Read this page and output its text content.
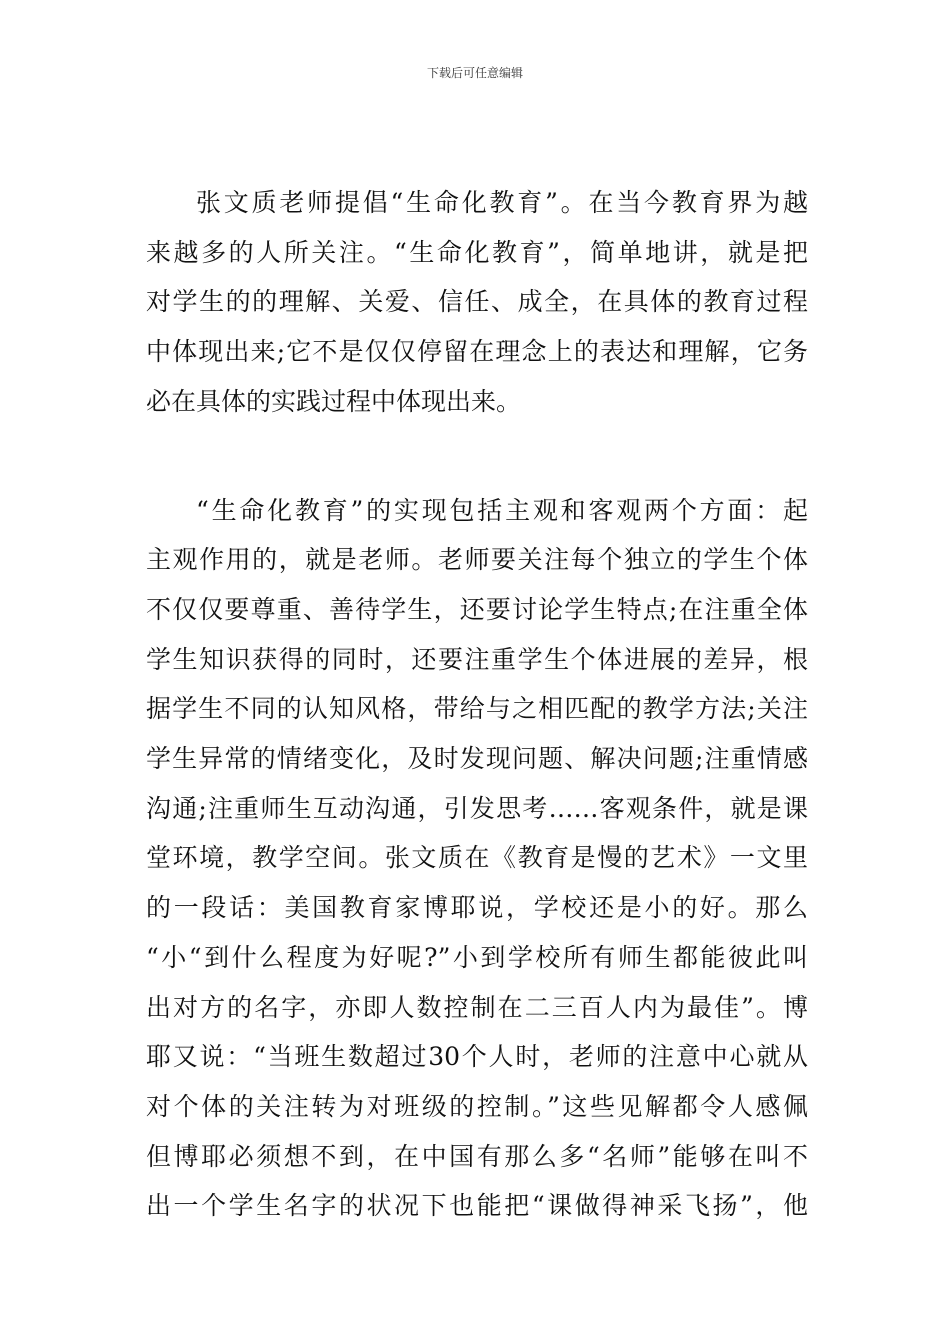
下载后可任意编辑

张文质老师提倡“生命化教育”。在当今教育界为越
来越多的人所关注。“生命化教育”，简单地讲，就是把
对学生的的理解、关爱、信任、成全，在具体的教育过程
中体现出来;它不是仅仅停留在理念上的表达和理解，它务
必在具体的实践过程中体现出来。

“生命化教育”的实现包括主观和客观两个方面：起
主观作用的，就是老师。老师要关注每个独立的学生个体
不仅仅要尊重、善待学生，还要讨论学生特点;在注重全体
学生知识获得的同时，还要注重学生个体进展的差异，根
据学生不同的认知风格，带给与之相匹配的教学方法;关注
学生异常的情绪变化，及时发现问题、解决问题;注重情感
沟通;注重师生互动沟通，引发思考……客观条件，就是课
堂环境，教学空间。张文质在《教育是慢的艺术》一文里
的一段话：美国教育家博耶说，学校还是小的好。那么
“小“到什么程度为好呢?”小到学校所有师生都能彼此叫
出对方的名字，亦即人数控制在二三百人内为最佳”。博
耶又说：“当班生数超过30个人时，老师的注意中心就从
对个体的关注转为对班级的控制。”这些见解都令人感佩
但博耶必须想不到，在中国有那么多“名师”能够在叫不
出一个学生名字的状况下也能把“课做得神采飞扬”，他
